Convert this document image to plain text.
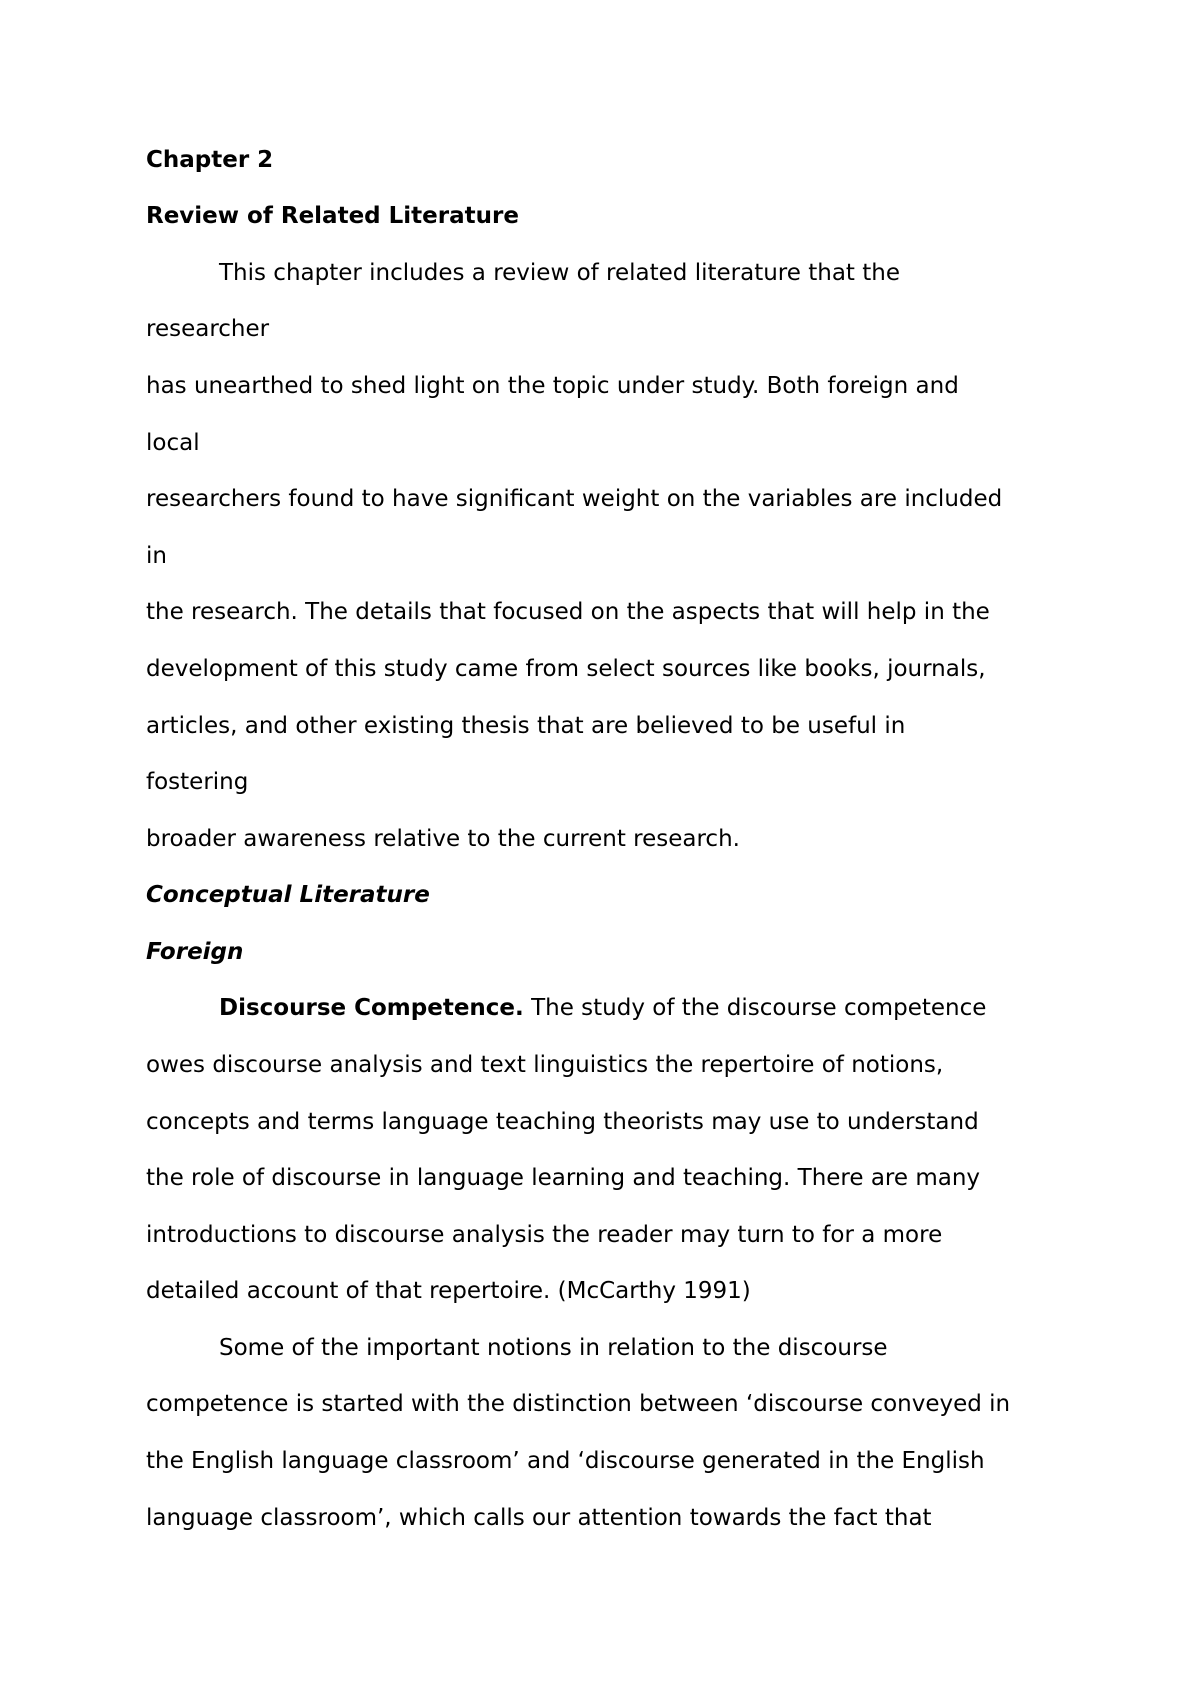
Chapter 2
Review of Related Literature
This chapter includes a review of related literature that the
researcher
has unearthed to shed light on the topic under study. Both foreign and
local
researchers found to have significant weight on the variables are included
in
the research. The details that focused on the aspects that will help in the
development of this study came from select sources like books, journals,
articles, and other existing thesis that are believed to be useful in
fostering
broader awareness relative to the current research.
Conceptual Literature
Foreign
Discourse Competence. The study of the discourse competence
owes discourse analysis and text linguistics the repertoire of notions,
concepts and terms language teaching theorists may use to understand
the role of discourse in language learning and teaching. There are many
introductions to discourse analysis the reader may turn to for a more
detailed account of that repertoire. (McCarthy 1991)
Some of the important notions in relation to the discourse
competence is started with the distinction between ‘discourse conveyed in
the English language classroom’ and ‘discourse generated in the English
language classroom’, which calls our attention towards the fact that
